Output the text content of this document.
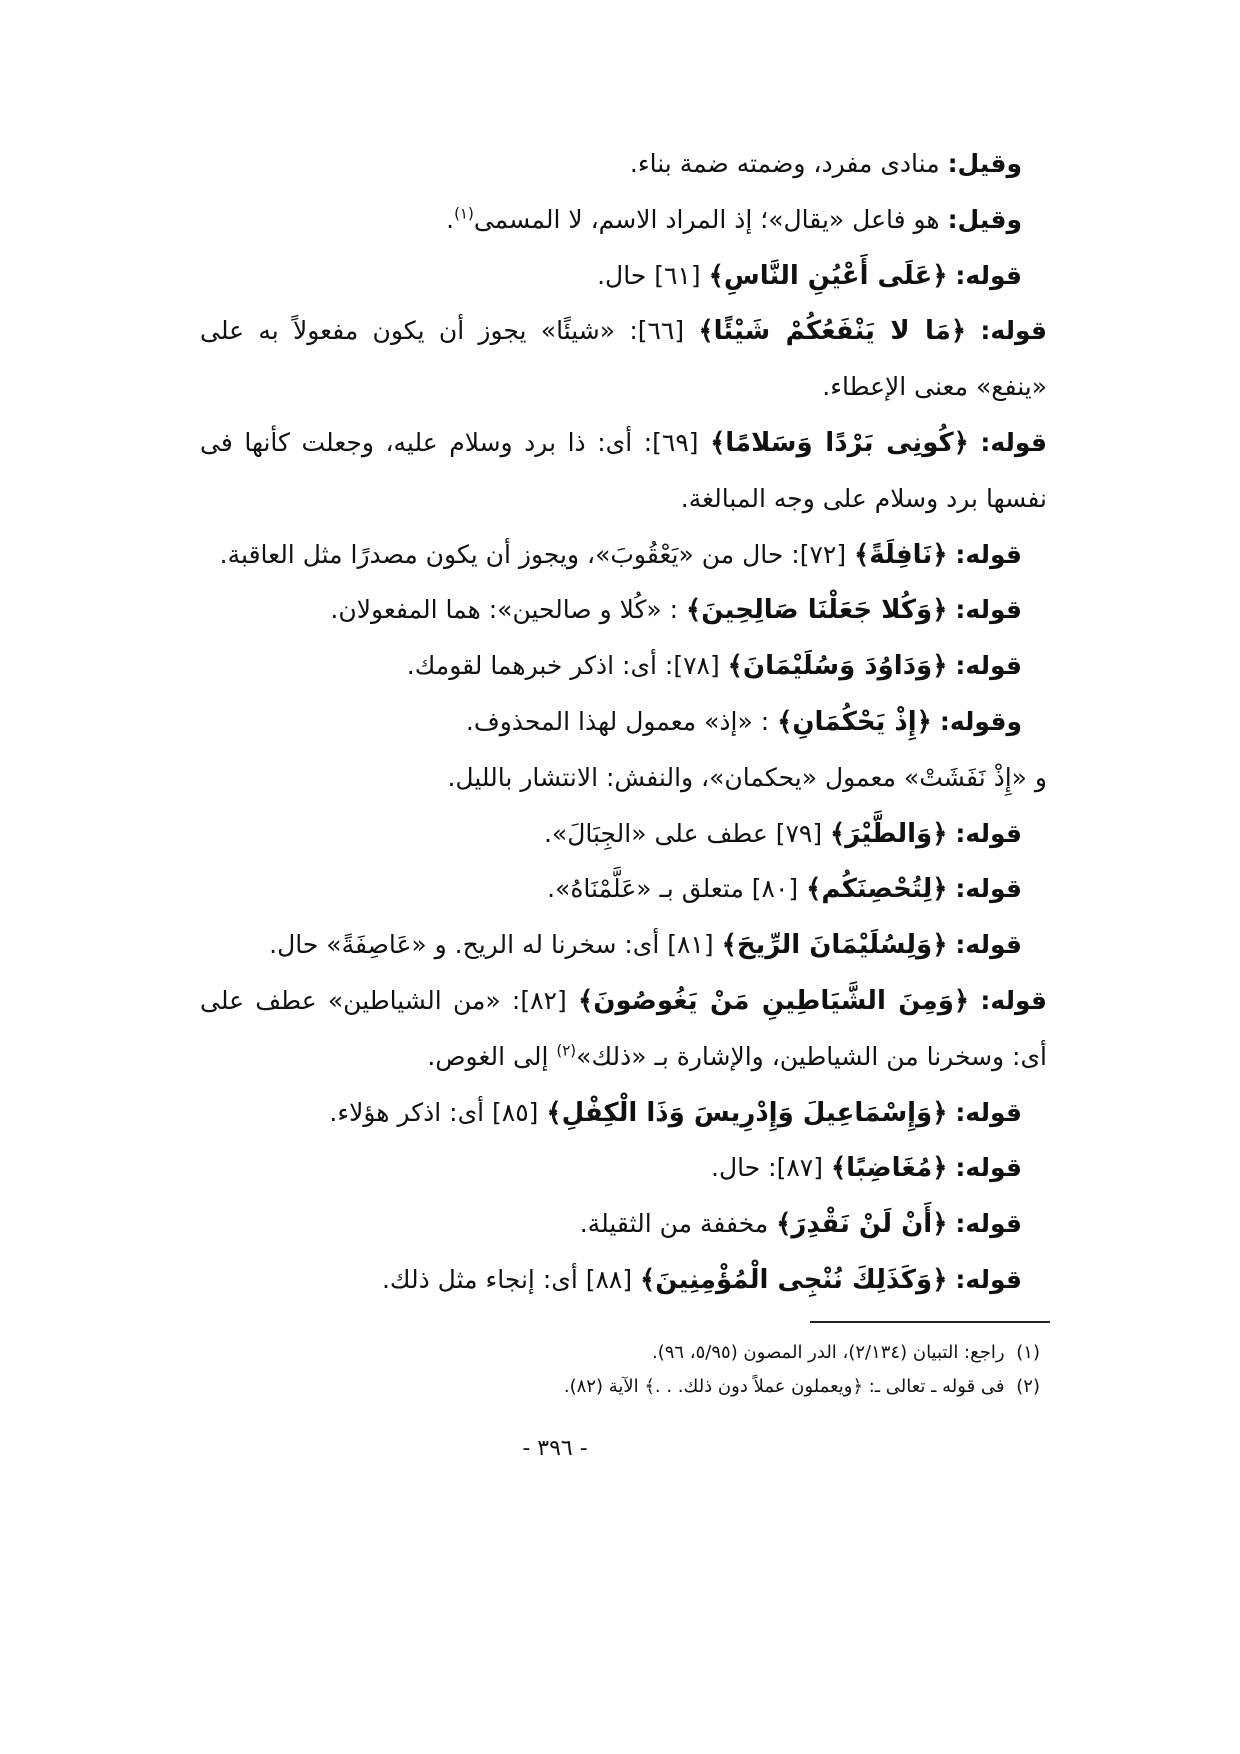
وقيل: منادى مفرد، وضمته ضمة بناء.
وقيل: هو فاعل «يقال»؛ إذ المراد الاسم، لا المسمى$^{(١)}$.
قوله: ﴿عَلَى أَعْيُنِ النَّاسِ﴾ [٦١] حال.
قوله: ﴿مَا لا يَنْفَعُكُمْ شَيْئًا﴾ [٦٦]: «شيئًا» يجوز أن يكون مفعولاً به على
«ينفع» معنى الإعطاء.
قوله: ﴿كُونِى بَرْدًا وَسَلامًا﴾ [٦٩]: أى: ذا برد وسلام عليه، وجعلت كأنها فى
نفسها برد وسلام على وجه المبالغة.
قوله: ﴿نَافِلَةً﴾ [٧٢]: حال من «يَعْقُوبَ»، ويجوز أن يكون مصدرًا مثل العاقبة.
قوله: ﴿وَكُلا جَعَلْنَا صَالِحِينَ﴾ : «كُلا و صالحين»: هما المفعولان.
قوله: ﴿وَدَاوُدَ وَسُلَيْمَانَ﴾ [٧٨]: أى: اذكر خبرهما لقومك.
وقوله: ﴿إِذْ يَحْكُمَانِ﴾ : «إذ» معمول لهذا المحذوف.
و «إِذْ نَفَشَتْ» معمول «يحكمان»، والنفش: الانتشار بالليل.
قوله: ﴿وَالطَّيْرَ﴾ [٧٩] عطف على «الجِبَالَ».
قوله: ﴿لِتُحْصِنَكُم﴾ [٨٠] متعلق بـ «عَلَّمْنَاهُ».
قوله: ﴿وَلِسُلَيْمَانَ الرِّيحَ﴾ [٨١] أى: سخرنا له الريح. و «عَاصِفَةً» حال.
قوله: ﴿وَمِنَ الشَّيَاطِينِ مَنْ يَغُوصُونَ﴾ [٨٢]: «من الشياطين» عطف على
أى: وسخرنا من الشياطين، والإشارة بـ «ذلك»$^{(٢)}$ إلى الغوص.
قوله: ﴿وَإِسْمَاعِيلَ وَإِدْرِيسَ وَذَا الْكِفْلِ﴾ [٨٥] أى: اذكر هؤلاء.
قوله: ﴿مُغَاضِبًا﴾ [٨٧]: حال.
قوله: ﴿أَنْ لَنْ نَقْدِرَ﴾ مخففة من الثقيلة.
قوله: ﴿وَكَذَلِكَ نُنْجِى الْمُؤْمِنِينَ﴾ [٨٨] أى: إنجاء مثل ذلك.
(١) راجع: التبيان (٢/١٣٤)، الدر المصون (٥/٩٥، ٩٦).
(٢) فى قوله ـ تعالى ـ: ﴿ويعملون عملاً دون ذلك. . .﴾ الآية (٨٢).
- ٣٩٦ -
